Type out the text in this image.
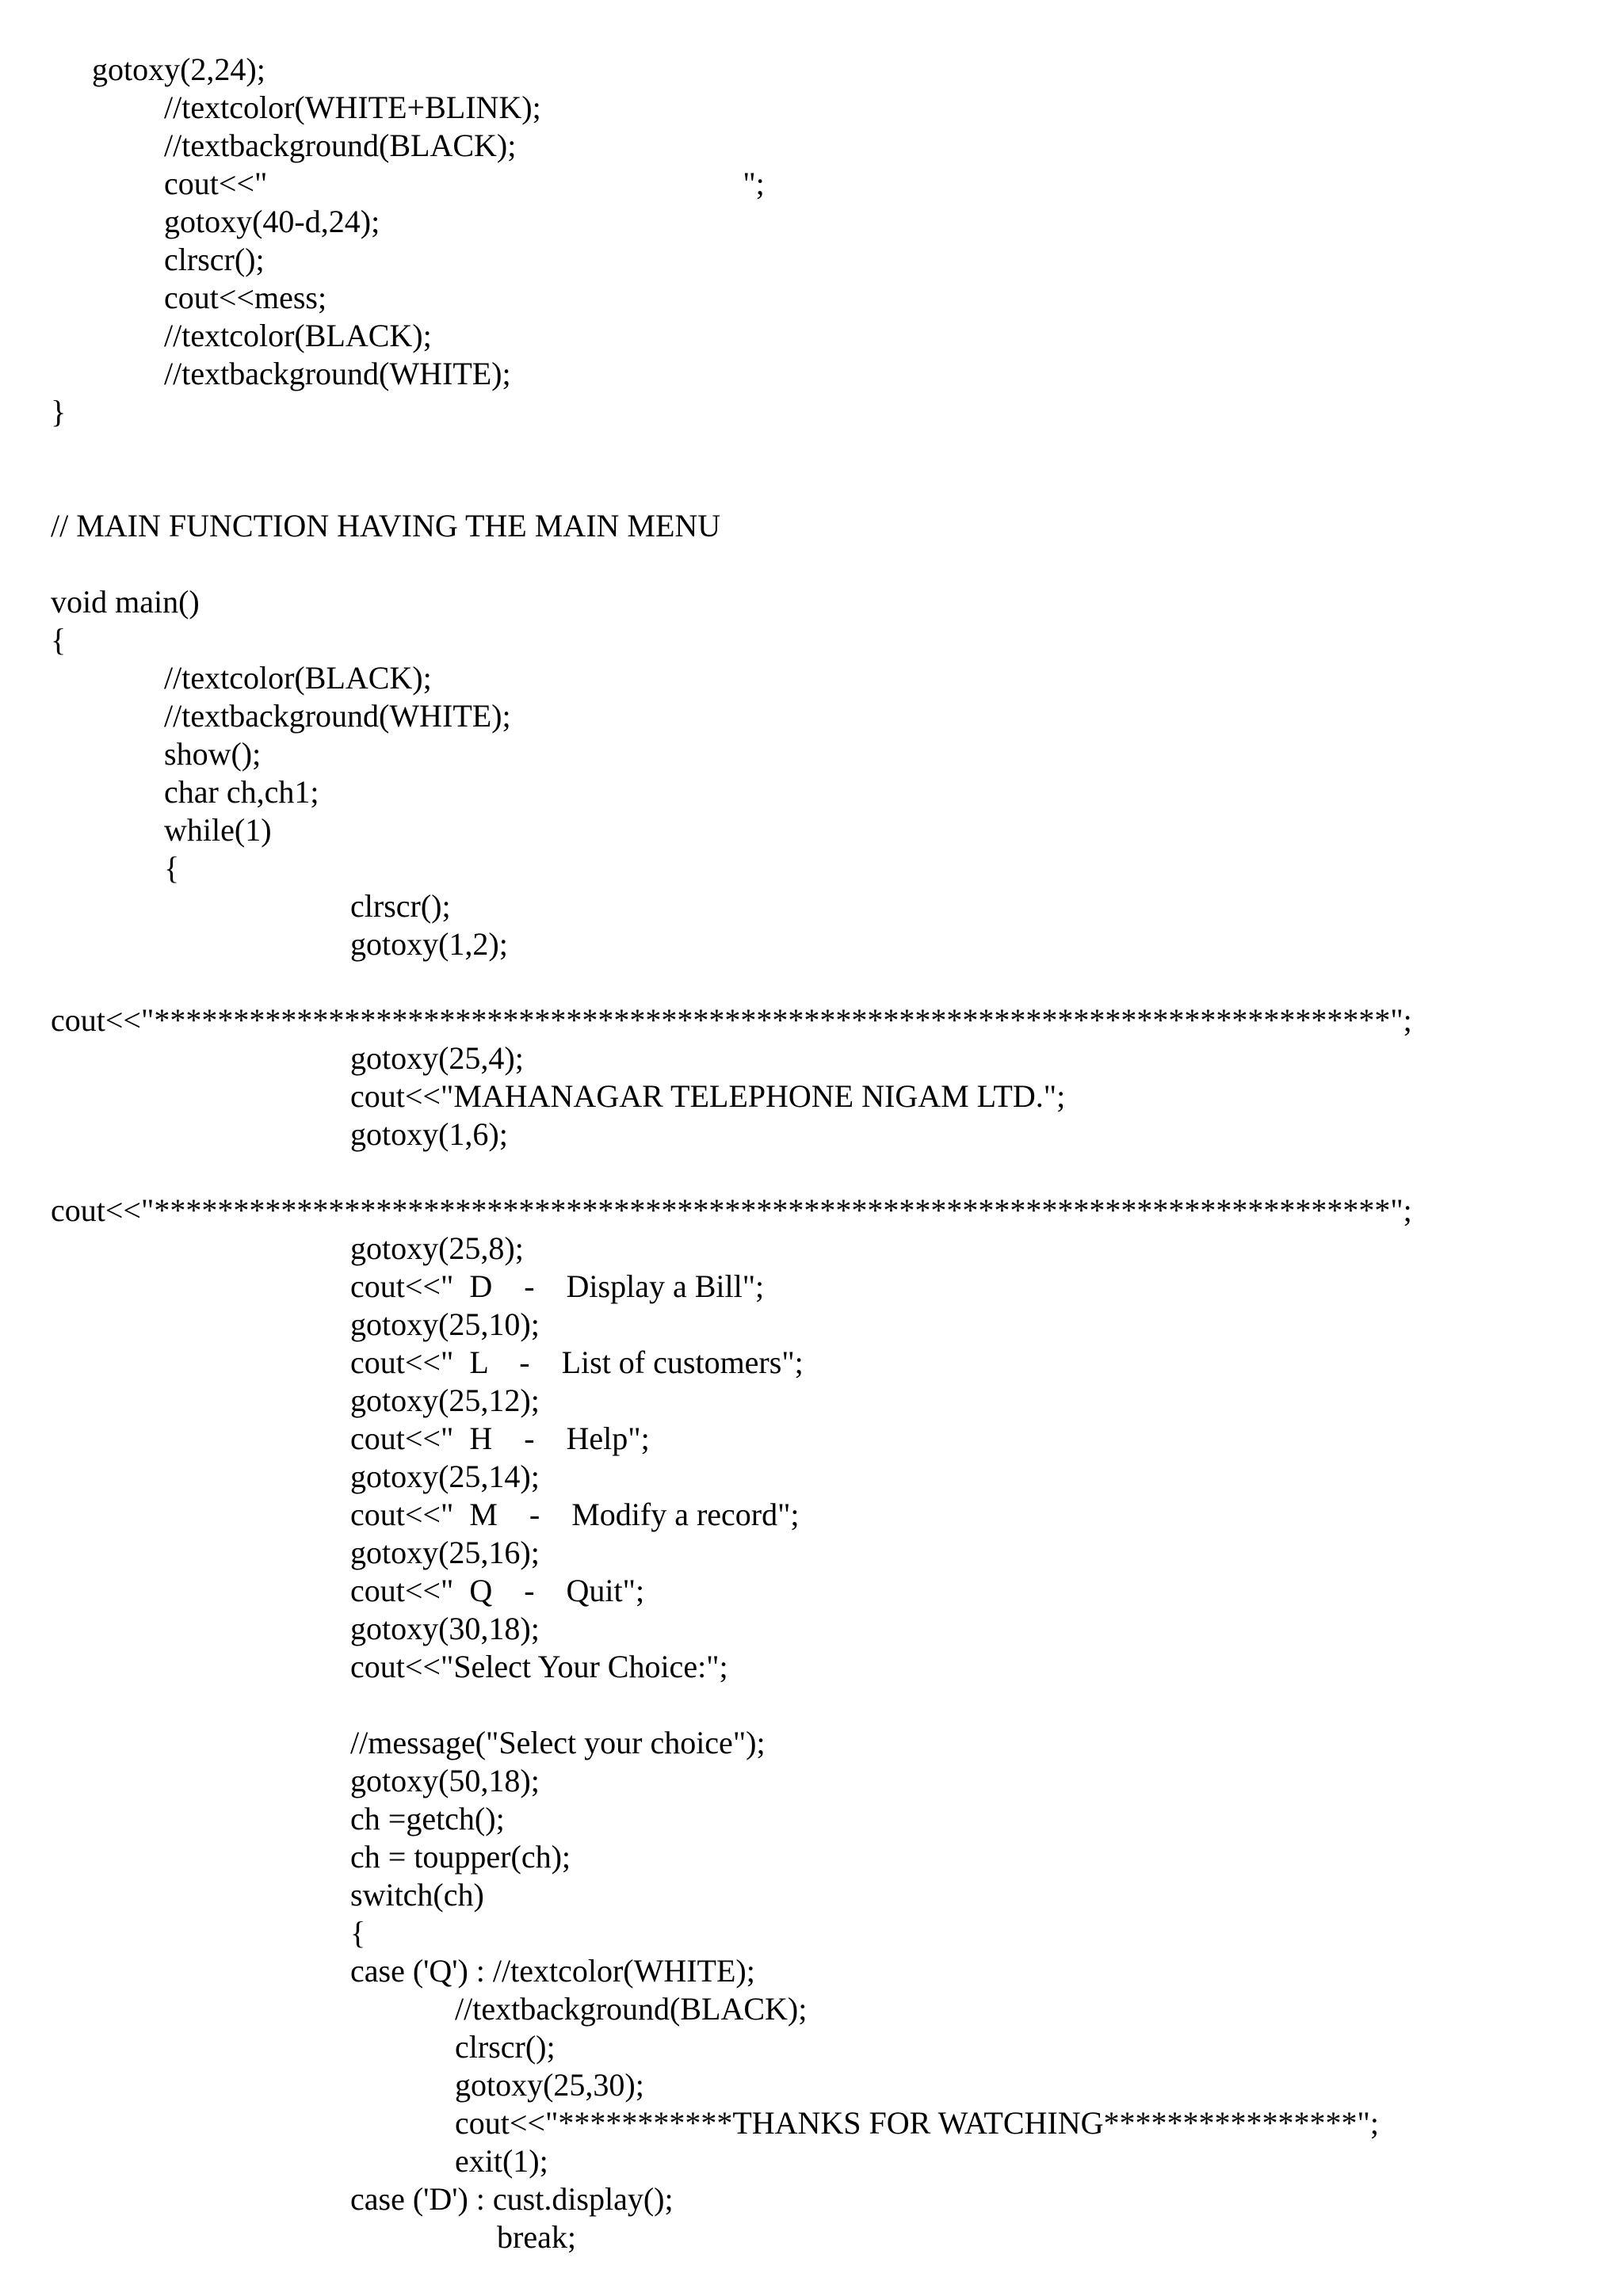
gotoxy(2,24);
//textcolor(WHITE+BLINK);
//textbackground(BLACK);
cout<<"                                                            ";
gotoxy(40-d,24);
clrscr();
cout<<mess;
//textcolor(BLACK);
//textbackground(WHITE);
}
// MAIN FUNCTION HAVING THE MAIN MENU
void main()
{
//textcolor(BLACK);
//textbackground(WHITE);
show();
char ch,ch1;
while(1)
{
clrscr();
gotoxy(1,2);
cout<<"******************************************************************************";
gotoxy(25,4);
cout<<"MAHANAGAR TELEPHONE NIGAM LTD.";
gotoxy(1,6);
cout<<"******************************************************************************";
gotoxy(25,8);
cout<<"  D    -    Display a Bill";
gotoxy(25,10);
cout<<"  L    -    List of customers";
gotoxy(25,12);
cout<<"  H    -    Help";
gotoxy(25,14);
cout<<"  M    -    Modify a record";
gotoxy(25,16);
cout<<"  Q    -    Quit";
gotoxy(30,18);
cout<<"Select Your Choice:";
//message("Select your choice");
gotoxy(50,18);
ch =getch();
ch = toupper(ch);
switch(ch)
{
case ('Q') : //textcolor(WHITE);
//textbackground(BLACK);
clrscr();
gotoxy(25,30);
cout<<"***********THANKS FOR WATCHING****************";
exit(1);
case ('D') : cust.display();
break;
